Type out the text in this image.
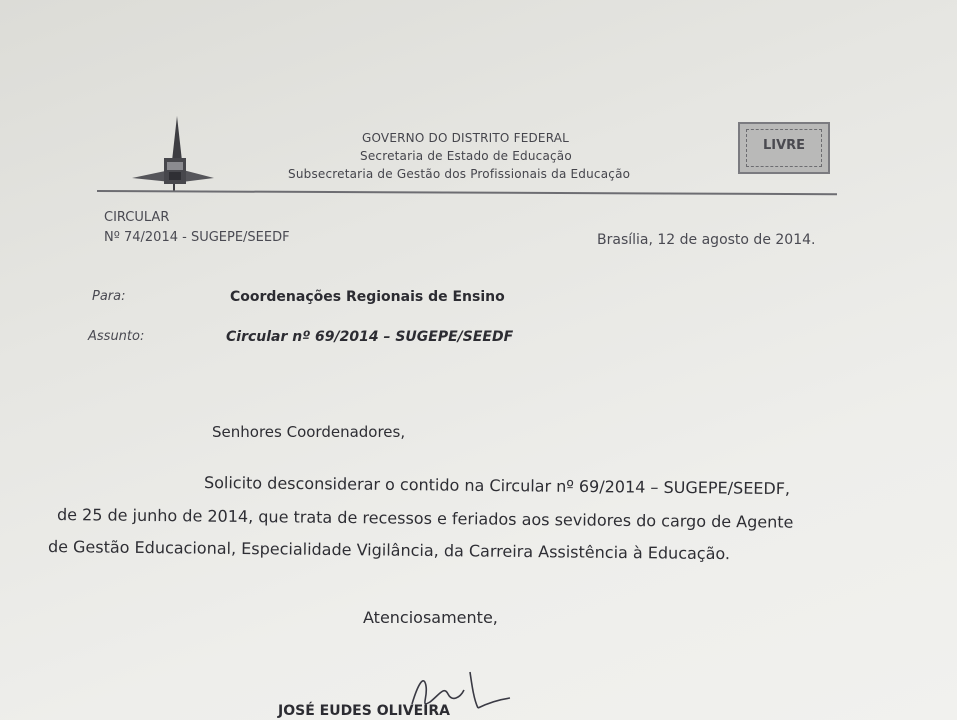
GOVERNO DO DISTRITO FEDERAL
Secretaria de Estado de Educação
Subsecretaria de Gestão dos Profissionais da Educação
LIVRE
CIRCULAR
Nº 74/2014 - SUGEPE/SEEDF	Brasília, 12 de agosto de 2014.
Para:	Coordenações Regionais de Ensino
Assunto:	Circular nº 69/2014 – SUGEPE/SEEDF
Senhores Coordenadores,
Solicito desconsiderar o contido na Circular nº 69/2014 – SUGEPE/SEEDF,
de 25 de junho de 2014, que trata de recessos e feriados aos sevidores do cargo de Agente
de Gestão Educacional, Especialidade Vigilância, da Carreira Assistência à Educação.
Atenciosamente,
JOSÉ EUDES OLIVEIRA
